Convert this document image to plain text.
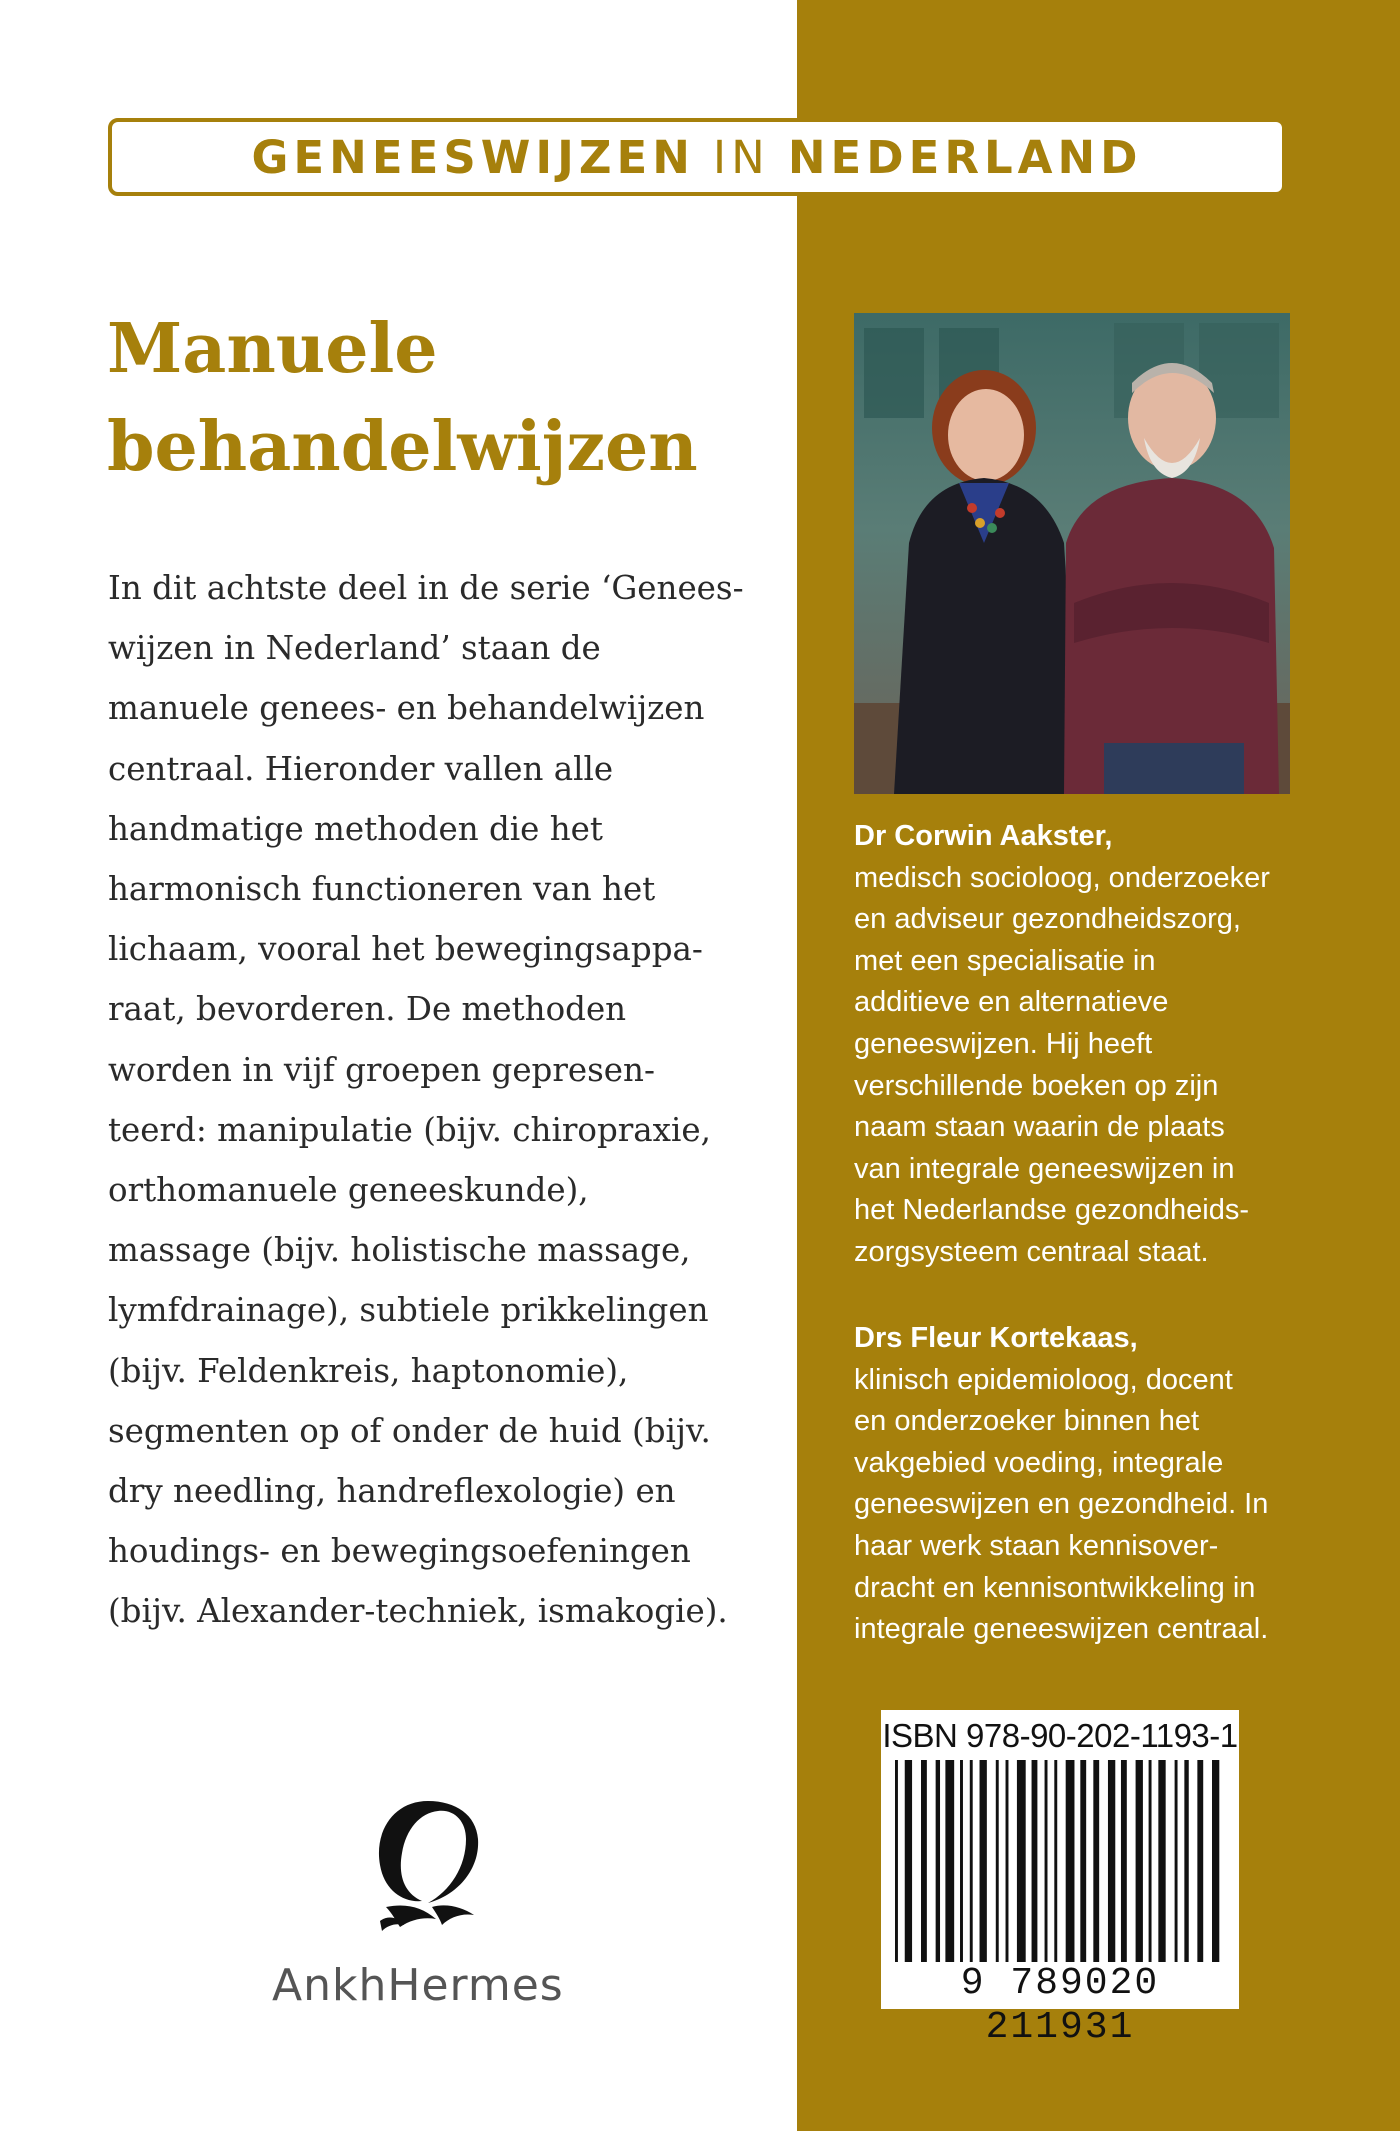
GENEESWIJZEN IN NEDERLAND
Manuele
behandelwijzen
In dit achtste deel in de serie ‘Genees-
wijzen in Nederland’ staan de
manuele genees- en behandelwijzen
centraal. Hieronder vallen alle
handmatige methoden die het
harmonisch functioneren van het
lichaam, vooral het bewegingsappa-
raat, bevorderen. De methoden
worden in vijf groepen gepresen-
teerd: manipulatie (bijv. chiropraxie,
orthomanuele geneeskunde),
massage (bijv. holistische massage,
lymfdrainage), subtiele prikkelingen
(bijv. Feldenkreis, haptonomie),
segmenten op of onder de huid (bijv.
dry needling, handreflexologie) en
houdings- en bewegingsoefeningen
(bijv. Alexander-techniek, ismakogie).
Dr Corwin Aakster,
medisch socioloog, onderzoeker
en adviseur gezondheidszorg,
met een specialisatie in
additieve en alternatieve
geneeswijzen. Hij heeft
verschillende boeken op zijn
naam staan waarin de plaats
van integrale geneeswijzen in
het Nederlandse gezondheids-
zorgsysteem centraal staat.
Drs Fleur Kortekaas,
klinisch epidemioloog, docent
en onderzoeker binnen het
vakgebied voeding, integrale
geneeswijzen en gezondheid. In
haar werk staan kennisover-
dracht en kennisontwikkeling in
integrale geneeswijzen centraal.
ISBN 978-90-202-1193-1
9 789020 211931
AnkhHermes
